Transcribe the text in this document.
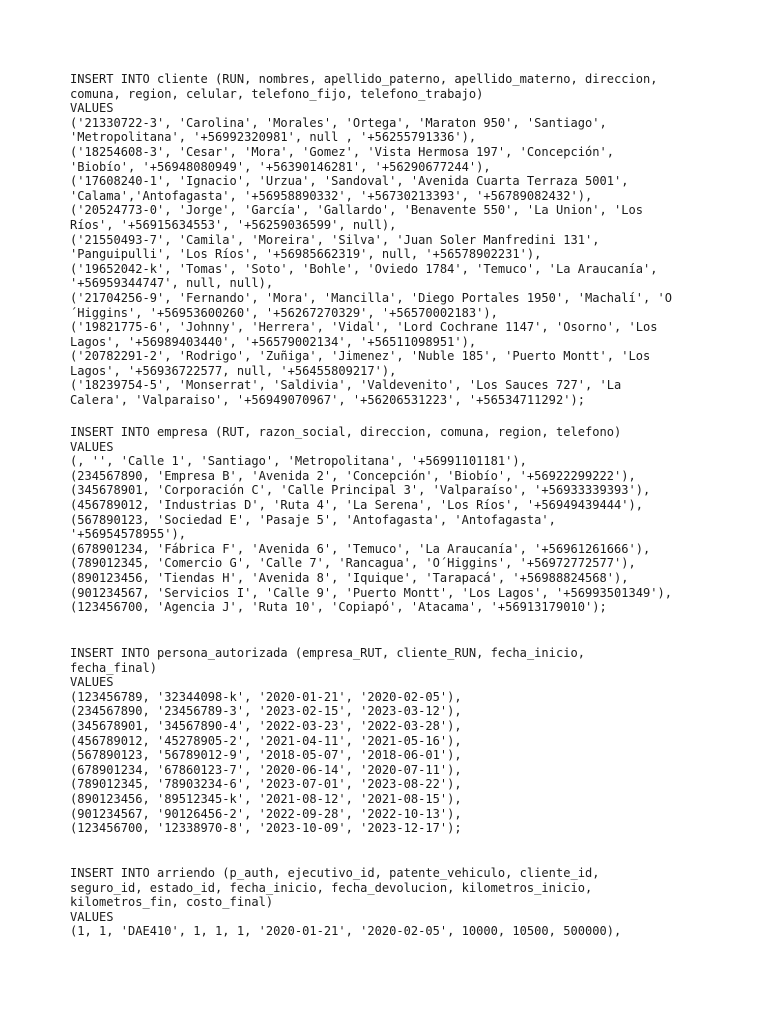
INSERT INTO cliente (RUN, nombres, apellido_paterno, apellido_materno, direccion,
comuna, region, celular, telefono_fijo, telefono_trabajo)
VALUES
('21330722-3', 'Carolina', 'Morales', 'Ortega', 'Maraton 950', 'Santiago',
'Metropolitana', '+56992320981', null , '+56255791336'),
('18254608-3', 'Cesar', 'Mora', 'Gomez', 'Vista Hermosa 197', 'Concepción',
'Biobío', '+56948080949', '+56390146281', '+56290677244'),
('17608240-1', 'Ignacio', 'Urzua', 'Sandoval', 'Avenida Cuarta Terraza 5001',
'Calama','Antofagasta', '+56958890332', '+56730213393', '+56789082432'),
('20524773-0', 'Jorge', 'García', 'Gallardo', 'Benavente 550', 'La Union', 'Los
Ríos', '+56915634553', '+56259036599', null),
('21550493-7', 'Camila', 'Moreira', 'Silva', 'Juan Soler Manfredini 131',
'Panguipulli', 'Los Ríos', '+56985662319', null, '+56578902231'),
('19652042-k', 'Tomas', 'Soto', 'Bohle', 'Oviedo 1784', 'Temuco', 'La Araucanía',
'+56959344747', null, null),
('21704256-9', 'Fernando', 'Mora', 'Mancilla', 'Diego Portales 1950', 'Machalí', 'O
´Higgins', '+56953600260', '+56267270329', '+56570002183'),
('19821775-6', 'Johnny', 'Herrera', 'Vidal', 'Lord Cochrane 1147', 'Osorno', 'Los
Lagos', '+56989403440', '+56579002134', '+56511098951'),
('20782291-2', 'Rodrigo', 'Zuñiga', 'Jimenez', 'Nuble 185', 'Puerto Montt', 'Los
Lagos', '+56936722577, null, '+56455809217'),
('18239754-5', 'Monserrat', 'Saldivia', 'Valdevenito', 'Los Sauces 727', 'La
Calera', 'Valparaiso', '+56949070967', '+56206531223', '+56534711292');
INSERT INTO empresa (RUT, razon_social, direccion, comuna, region, telefono)
VALUES
(, '', 'Calle 1', 'Santiago', 'Metropolitana', '+56991101181'),
(234567890, 'Empresa B', 'Avenida 2', 'Concepción', 'Biobío', '+56922299222'),
(345678901, 'Corporación C', 'Calle Principal 3', 'Valparaíso', '+56933339393'),
(456789012, 'Industrias D', 'Ruta 4', 'La Serena', 'Los Ríos', '+56949439444'),
(567890123, 'Sociedad E', 'Pasaje 5', 'Antofagasta', 'Antofagasta',
'+56954578955'),
(678901234, 'Fábrica F', 'Avenida 6', 'Temuco', 'La Araucanía', '+56961261666'),
(789012345, 'Comercio G', 'Calle 7', 'Rancagua', 'O´Higgins', '+56972772577'),
(890123456, 'Tiendas H', 'Avenida 8', 'Iquique', 'Tarapacá', '+56988824568'),
(901234567, 'Servicios I', 'Calle 9', 'Puerto Montt', 'Los Lagos', '+56993501349'),
(123456700, 'Agencia J', 'Ruta 10', 'Copiapó', 'Atacama', '+56913179010');
INSERT INTO persona_autorizada (empresa_RUT, cliente_RUN, fecha_inicio,
fecha_final)
VALUES
(123456789, '32344098-k', '2020-01-21', '2020-02-05'),
(234567890, '23456789-3', '2023-02-15', '2023-03-12'),
(345678901, '34567890-4', '2022-03-23', '2022-03-28'),
(456789012, '45278905-2', '2021-04-11', '2021-05-16'),
(567890123, '56789012-9', '2018-05-07', '2018-06-01'),
(678901234, '67860123-7', '2020-06-14', '2020-07-11'),
(789012345, '78903234-6', '2023-07-01', '2023-08-22'),
(890123456, '89512345-k', '2021-08-12', '2021-08-15'),
(901234567, '90126456-2', '2022-09-28', '2022-10-13'),
(123456700, '12338970-8', '2023-10-09', '2023-12-17');
INSERT INTO arriendo (p_auth, ejecutivo_id, patente_vehiculo, cliente_id,
seguro_id, estado_id, fecha_inicio, fecha_devolucion, kilometros_inicio,
kilometros_fin, costo_final)
VALUES
(1, 1, 'DAE410', 1, 1, 1, '2020-01-21', '2020-02-05', 10000, 10500, 500000),
